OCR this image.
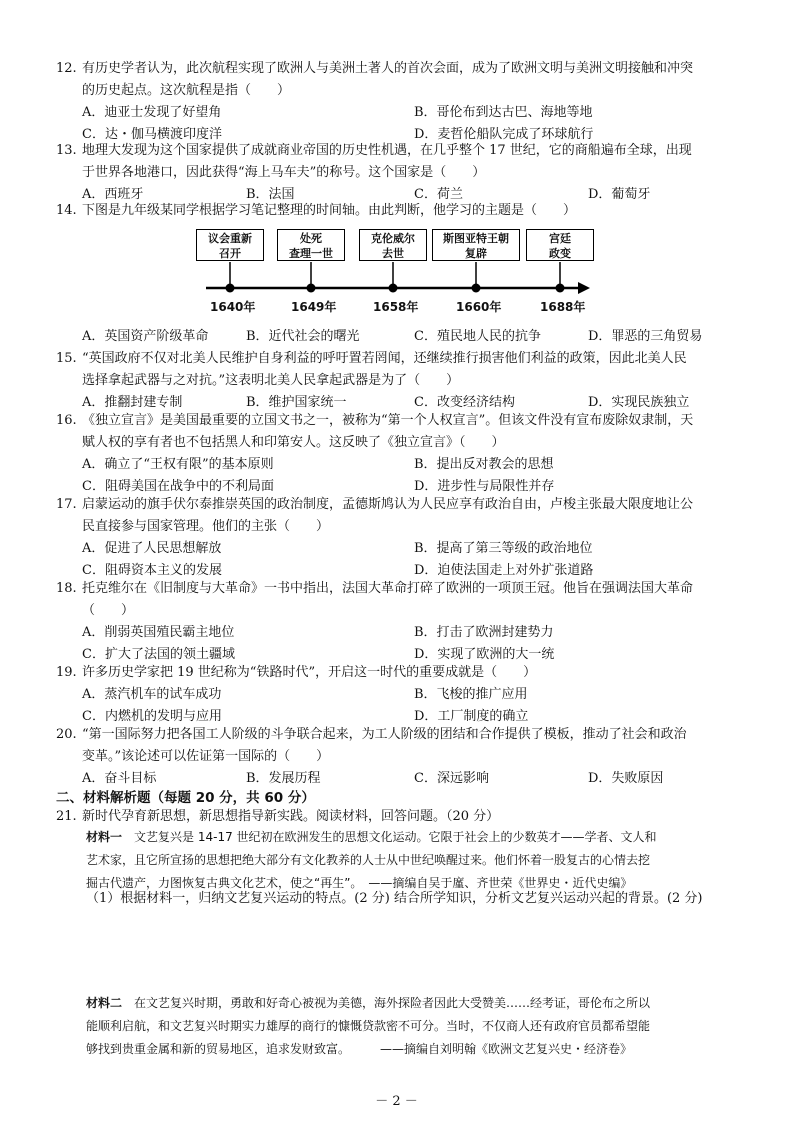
12. 有历史学者认为，此次航程实现了欧洲人与美洲土著人的首次会面，成为了欧洲文明与美洲文明接触和冲突
的历史起点。这次航程是指（　　）

A．迪亚士发现了好望角	B．哥伦布到达古巴、海地等地
C．达・伽马横渡印度洋	D．麦哲伦船队完成了环球航行

13. 地理大发现为这个国家提供了成就商业帝国的历史性机遇，在几乎整个 17 世纪，它的商船遍布全球，出现
于世界各地港口，因此获得“海上马车夫”的称号。这个国家是（　　）

A．西班牙	B．法国	C．荷兰	D．葡萄牙

14. 下图是九年级某同学根据学习笔记整理的时间轴。由此判断，他学习的主题是（　　）

议会重新
召开
处死
查理一世
克伦威尔
去世
斯图亚特王朝
复辟
宫廷
政变
1640年	1649年	1658年	1660年	1688年
A．英国资产阶级革命	B．近代社会的曙光	C．殖民地人民的抗争	D．罪恶的三角贸易

15. “英国政府不仅对北美人民维护自身利益的呼吁置若罔闻，还继续推行损害他们利益的政策，因此北美人民
选择拿起武器与之对抗。”这表明北美人民拿起武器是为了（　　）

A．推翻封建专制	B．维护国家统一	C．改变经济结构	D．实现民族独立

16. 《独立宣言》是美国最重要的立国文书之一，被称为“第一个人权宣言”。但该文件没有宣布废除奴隶制，天
赋人权的享有者也不包括黑人和印第安人。这反映了《独立宣言》（　　）

A．确立了“王权有限”的基本原则	B．提出反对教会的思想
C．阻碍美国在战争中的不利局面	D．进步性与局限性并存

17. 启蒙运动的旗手伏尔泰推崇英国的政治制度，孟德斯鸠认为人民应享有政治自由，卢梭主张最大限度地让公
民直接参与国家管理。他们的主张（　　）

A．促进了人民思想解放	B．提高了第三等级的政治地位
C．阻碍资本主义的发展	D．迫使法国走上对外扩张道路

18. 托克维尔在《旧制度与大革命》一书中指出，法国大革命打碎了欧洲的一项顶王冠。他旨在强调法国大革命
（　　）

A．削弱英国殖民霸主地位	B．打击了欧洲封建势力
C．扩大了法国的领土疆域	D．实现了欧洲的大一统

19. 许多历史学家把 19 世纪称为“铁路时代”，开启这一时代的重要成就是（　　）

A．蒸汽机车的试车成功	B．飞梭的推广应用
C．内燃机的发明与应用	D．工厂制度的确立

20. “第一国际努力把各国工人阶级的斗争联合起来，为工人阶级的团结和合作提供了模板，推动了社会和政治
变革。”该论述可以佐证第一国际的（　　）

A．奋斗目标	B．发展历程	C．深远影响	D．失败原因
二、材料解析题（每题 20 分，共 60 分）

21. 新时代孕育新思想，新思想指导新实践。阅读材料，回答问题。（20 分）

材料一　 文艺复兴是 14-17 世纪初在欧洲发生的思想文化运动。它限于社会上的少数英才——学者、文人和
艺术家，且它所宣扬的思想把绝大部分有文化教养的人士从中世纪唤醒过来。他们怀着一股复古的心情去挖
掘古代遗产，力图恢复古典文化艺术，使之“再生”。　——摘编自吴于廑、齐世荣《世界史・近代史编》
（1）根据材料一，归纳文艺复兴运动的特点。(2 分) 结合所学知识，分析文艺复兴运动兴起的背景。(2 分)
材料二　 在文艺复兴时期，勇敢和好奇心被视为美德，海外探险者因此大受赞美……经考证，哥伦布之所以
能顺利启航，和文艺复兴时期实力雄厚的商行的慷慨贷款密不可分。当时，不仅商人还有政府官员都希望能
够找到贵重金属和新的贸易地区，追求发财致富。　　　——摘编自刘明翰《欧洲文艺复兴史・经济卷》
－ 2 －
